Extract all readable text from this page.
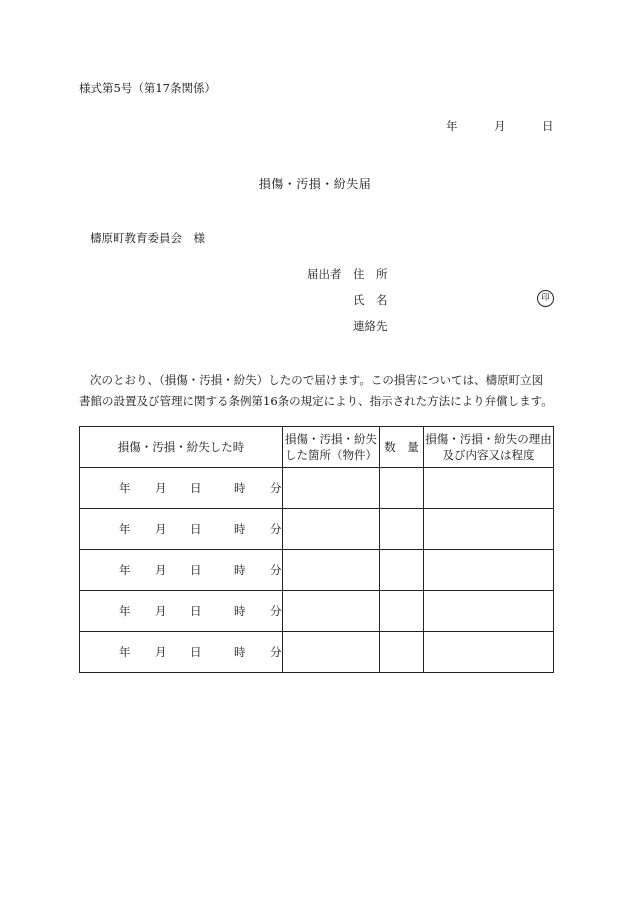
様式第5号（第17条関係）
年	月	日
損傷・汚損・紛失届
檮原町教育委員会　様
届出者 住　所
氏　名
連絡先
印
次のとおり、（損傷・汚損・紛失）したので届けます。この損害については、檮原町立図書館の設置及び管理に関する条例第16条の規定により、指示された方法により弁償します。
損傷・汚損・紛失した時	損傷・汚損・紛失した箇所（物件）	数　量	損傷・汚損・紛失の理由及び内容又は程度

年 月 日 時 分			

年 月 日 時 分			

年 月 日 時 分			

年 月 日 時 分			

年 月 日 時 分			
